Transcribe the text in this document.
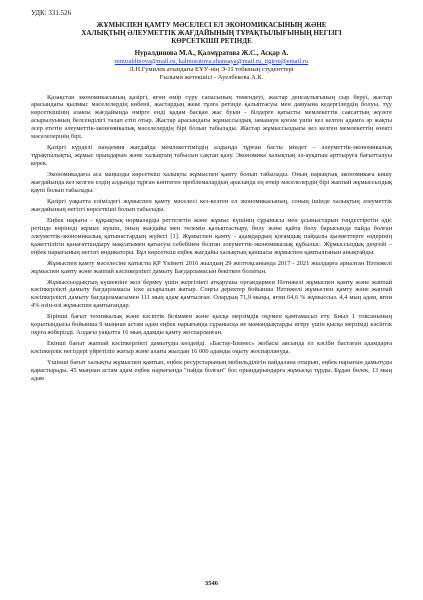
УДК: 331.526
ЖҰМЫСПЕН ҚАМТУ МӘСЕЛЕСІ ЕЛ ЭКОНОМИКАСЫНЫҢ ЖӘНЕ
ХАЛЫҚТЫҢ ӘЛЕУМЕТТІК ЖАҒДАЙЫНЫҢ ТҰРАҚТЫЛЫҒЫНЫҢ НЕГІЗГІ
КӨРСЕТКІШІ РЕТІНДЕ
Нуралдинова М.А., Қалмұратова Ж.С., Асқар А.
mnuraldinova@mail.ru, kalmuratova.zhansaya@mail.ru, iigirru@email.ru
Л.Н.Гумилев атындағы ЕҰУ-нің Э-11 тобының студенттері
Ғылыми жетекшісі - Ауелбекова А.К.

Қазақстан экономикасының қазіргі, яғни өмір сүру сапасының төмендеуі, жастар денсаулығының сыр беруі, жастар арасындағы қылмыс мәселелердің көбеюі, жастардың жеке тұлға ретінде қалыптасуы мен дамуына кедергілердің болуы, түу көрсеткішінің азаюы жағдайында өмірге енді қадам басқан жас буын - білдерге қатысты мемлекеттік саясаттың жүзеге асырылуының белсенділігі талап етіп отыр. Жастар арасындағы жұмыссыздық заманауи қоғам үшін кез келген адамға әр жақты әсер ететін әлеуметтік-экономикалық мәселелердің бірі болып табылады. Жастар жұмыссыздығы кез келген мемлекеттің өзекті мәселелерінің бірі.

Қазіргі күрделі пандемия жағдайда мемлекеттіміздің алдында тұрған басты міндет – әлеуметтік-экономикалық тұрақтылықты, жұмыс орындарын және халықтың табысын сақтап қалу. Экономика халықтың әл-ауқатын арттыруға бағытталуы керек.

Экономикадағы аса маңызды көрсеткіш халықты жұмыспен қамту болып табылады. Оның нарықтық экономикаға көшу жағдайында кез келген елдің алдында тұрған көптеген проблемалардың арасында ең өткір мәселелердің бірі жаппай жұмыссыздық қаупі болып табылады.

Қазіргі уақытта еліміздегі жұмыспен қамту мәселесі кез-келген ел экономикасының, соның ішінде халықтың әлеуметтік жағдайының негізгі көрсеткіші болып табылады.

Еңбек нарығы - құқықтық нормаларды реттелетін және жұмыс күшінің сұранысы мен ұсыныстарын теңдестіретін әдіс ретінде көрінеді жұмыс күшін, оның жағдайы мен төлемін қалыптастыру, бөлу және қайта бөлу барысында пайда болған әлеуметтік-экономикалық қатынастардың жүйесі [1]. Жұмыспен қамту - адамдардың қоғамдық пайдалы қызметтерге өздерінің қажеттілігін қанағаттандыру мақсатымен қатысуы себебінен болған әлеуметтік-экономикалық құбылыс. Жұмыссыздық деңгейі – еңбек нарығының негізгі индикаторы. Бұл көрсеткіш еңбек жағдайы халықтың қаншасы жұмыспен қамтылғанын анықтайды.

Жұмыспен қамту мәселесіне қатысты ҚР Үкіметі 2016 жылдың 29 желтоқсанында 2017 - 2021 жылдарға арналған Нәтижелі жұмыспен қамту және жаппай кәсіпкерлікті дамыту Бағдарламасын бекіткен болатын.

Жұмыссыздықтың күшеюіне жол бермеу үшін жергілікті атқарушы органдармен Нәтижелі жұмыспен қамту және жаппай кәсіпкерлікті дамыту бағдарламасы іске асырылып жатыр. Соңғы деректер бойынша Нәтижелі жұмыспен қамту және жаппай кәсіпкерлікті дамыту бағдарламасымен 111 мың адам қамтылған. Олардың 71,9 мыңы, яғни 64,6 % жұмыссыз. 4,4 мың адам, яғни 4% өзін-өзі жұмыспен қамтығандар.

Бірінші бағыт техникалық және кәсіптік біліммен және қысқа мерзімдік оқумен қамтамасыз ету. Биыл 1 токсанының қорытындысы бойынша 9 мыңнан астам адам еңбек нарығында сұранысқа ие мамандықтарды игеру үшін қысқа мерзімді кәсіптік оқуға жіберілді. Алдағы уақытта 16 мың адамды қамту жоспарланған.

Екінші бағыт жаппай кәсіпкерлікті дамытуды көздейді. «Бастау-Бизнес» жобасы аясында ел кәсіби бастаған адамдарға кәсіпкерлік негіздері үйретіліп жатыр және алағы жылдан 16 000 адамды оқыту жоспарлануда.

Үшінші бағыт халықты жұмыспен қамтып, еңбек ресурстарының мобильділігін пайдалана отырып, еңбек нарығын дамытуды қарастырады. 45 мыңнан астам адам еңбек нарығында "пайда болған" бос орындарындарға жұмысқа тұрды. Бұдан бөлек, 13 мың адам

3546
